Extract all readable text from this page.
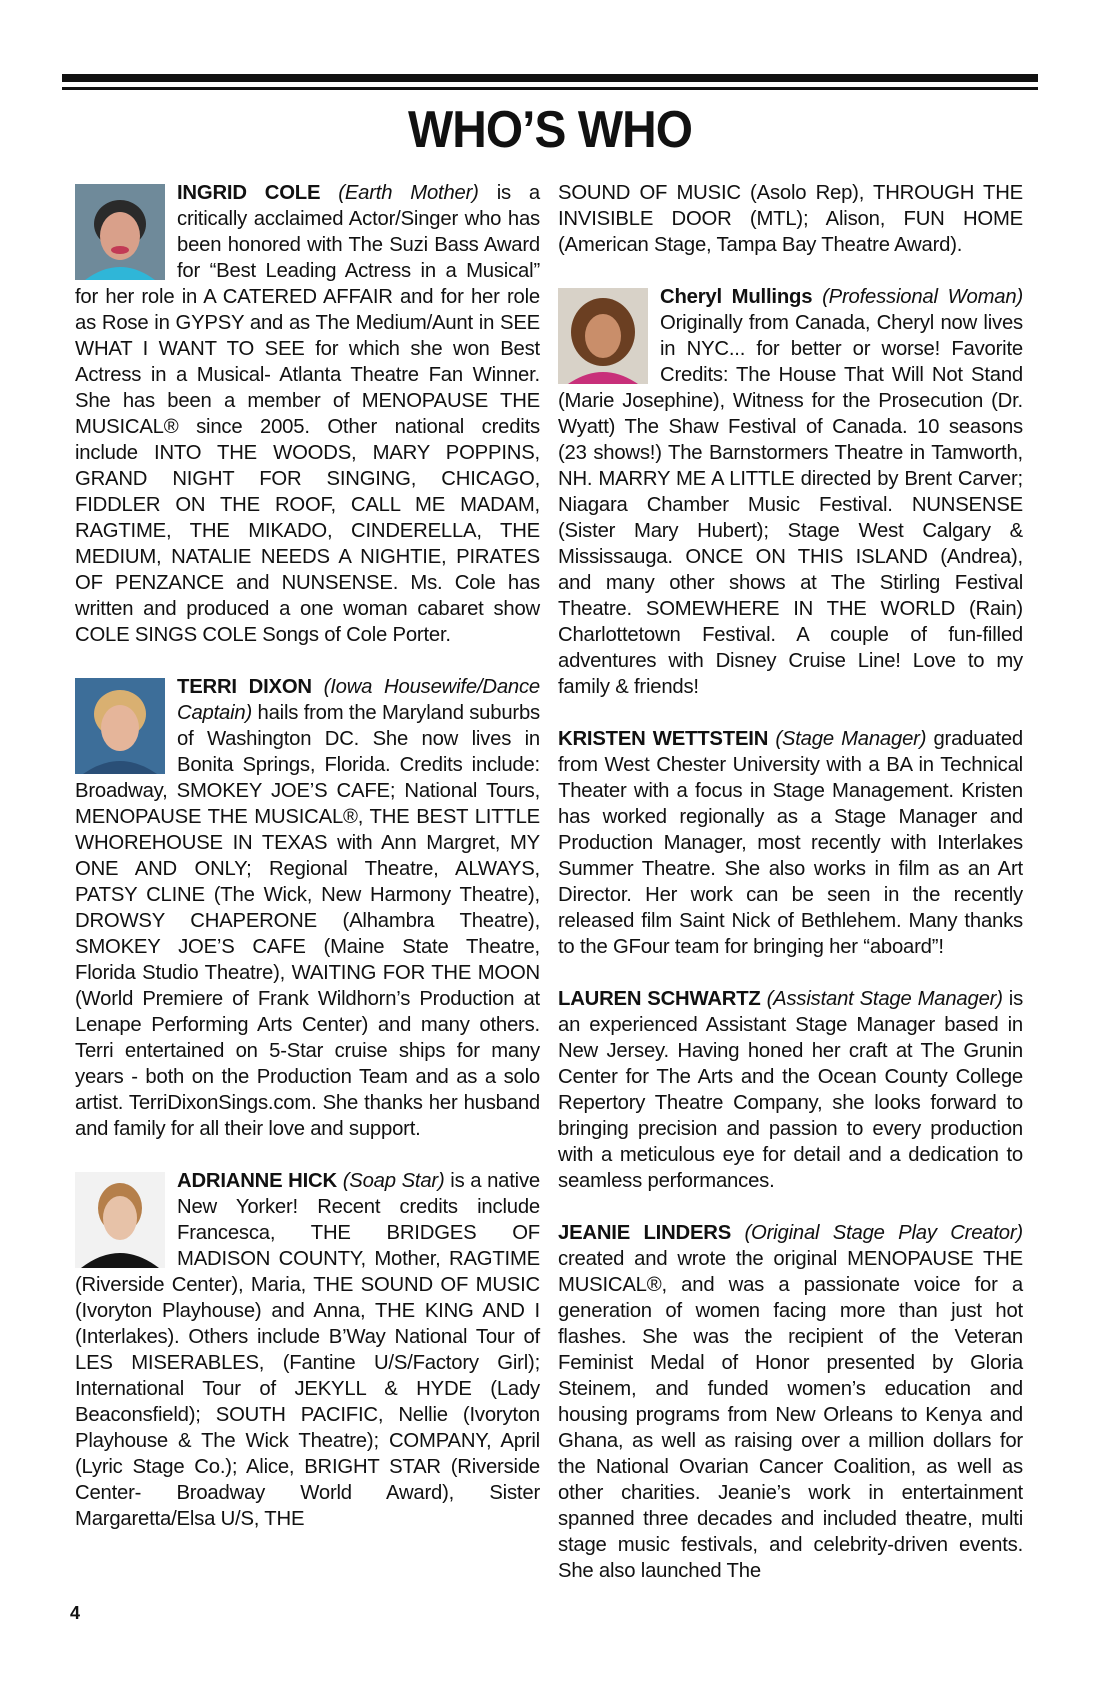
WHO’S WHO
INGRID COLE (Earth Mother) is a critically acclaimed Actor/Singer who has been honored with The Suzi Bass Award for “Best Leading Actress in a Musical” for her role in A CATERED AFFAIR and for her role as Rose in GYPSY and as The Medium/Aunt in SEE WHAT I WANT TO SEE for which she won Best Actress in a Musical- Atlanta Theatre Fan Winner. She has been a member of MENOPAUSE THE MUSICAL® since 2005. Other national credits include INTO THE WOODS, MARY POPPINS, GRAND NIGHT FOR SINGING, CHICAGO, FIDDLER ON THE ROOF, CALL ME MADAM, RAGTIME, THE MIKADO, CINDERELLA, THE MEDIUM, NATALIE NEEDS A NIGHTIE, PIRATES OF PENZANCE and NUNSENSE. Ms. Cole has written and produced a one woman cabaret show COLE SINGS COLE Songs of Cole Porter.
TERRI DIXON (Iowa Housewife/Dance Captain) hails from the Maryland suburbs of Washington DC. She now lives in Bonita Springs, Florida. Credits include: Broadway, SMOKEY JOE’S CAFE; National Tours, MENOPAUSE THE MUSICAL®, THE BEST LITTLE WHOREHOUSE IN TEXAS with Ann Margret, MY ONE AND ONLY; Regional Theatre, ALWAYS, PATSY CLINE (The Wick, New Harmony Theatre), DROWSY CHAPERONE (Alhambra Theatre), SMOKEY JOE’S CAFE (Maine State Theatre, Florida Studio Theatre), WAITING FOR THE MOON (World Premiere of Frank Wildhorn’s Production at Lenape Performing Arts Center) and many others. Terri entertained on 5-Star cruise ships for many years - both on the Production Team and as a solo artist. TerriDixonSings.com. She thanks her husband and family for all their love and support.
ADRIANNE HICK (Soap Star) is a native New Yorker! Recent credits include Francesca, THE BRIDGES OF MADISON COUNTY, Mother, RAGTIME (Riverside Center), Maria, THE SOUND OF MUSIC (Ivoryton Playhouse) and Anna, THE KING AND I (Interlakes). Others include B’Way National Tour of LES MISERABLES, (Fantine U/S/Factory Girl); International Tour of JEKYLL & HYDE (Lady Beaconsfield); SOUTH PACIFIC, Nellie (Ivoryton Playhouse & The Wick Theatre); COMPANY, April (Lyric Stage Co.); Alice, BRIGHT STAR (Riverside Center- Broadway World Award), Sister Margaretta/Elsa U/S, THE
SOUND OF MUSIC (Asolo Rep), THROUGH THE INVISIBLE DOOR (MTL); Alison, FUN HOME (American Stage, Tampa Bay Theatre Award).
Cheryl Mullings (Professional Woman) Originally from Canada, Cheryl now lives in NYC... for better or worse! Favorite Credits: The House That Will Not Stand (Marie Josephine), Witness for the Prosecution (Dr. Wyatt) The Shaw Festival of Canada. 10 seasons (23 shows!) The Barnstormers Theatre in Tamworth, NH. MARRY ME A LITTLE directed by Brent Carver; Niagara Chamber Music Festival. NUNSENSE (Sister Mary Hubert); Stage West Calgary & Mississauga. ONCE ON THIS ISLAND (Andrea), and many other shows at The Stirling Festival Theatre. SOMEWHERE IN THE WORLD (Rain) Charlottetown Festival. A couple of fun-filled adventures with Disney Cruise Line! Love to my family & friends!
KRISTEN WETTSTEIN (Stage Manager) graduated from West Chester University with a BA in Technical Theater with a focus in Stage Management. Kristen has worked regionally as a Stage Manager and Production Manager, most recently with Interlakes Summer Theatre. She also works in film as an Art Director. Her work can be seen in the recently released film Saint Nick of Bethlehem. Many thanks to the GFour team for bringing her “aboard”!
LAUREN SCHWARTZ (Assistant Stage Manager) is an experienced Assistant Stage Manager based in New Jersey. Having honed her craft at The Grunin Center for The Arts and the Ocean County College Repertory Theatre Company, she looks forward to bringing precision and passion to every production with a meticulous eye for detail and a dedication to seamless performances.
JEANIE LINDERS (Original Stage Play Creator) created and wrote the original MENOPAUSE THE MUSICAL®, and was a passionate voice for a generation of women facing more than just hot flashes. She was the recipient of the Veteran Feminist Medal of Honor presented by Gloria Steinem, and funded women’s education and housing programs from New Orleans to Kenya and Ghana, as well as raising over a million dollars for the National Ovarian Cancer Coalition, as well as other charities. Jeanie’s work in entertainment spanned three decades and included theatre, multi stage music festivals, and celebrity-driven events. She also launched The
4
